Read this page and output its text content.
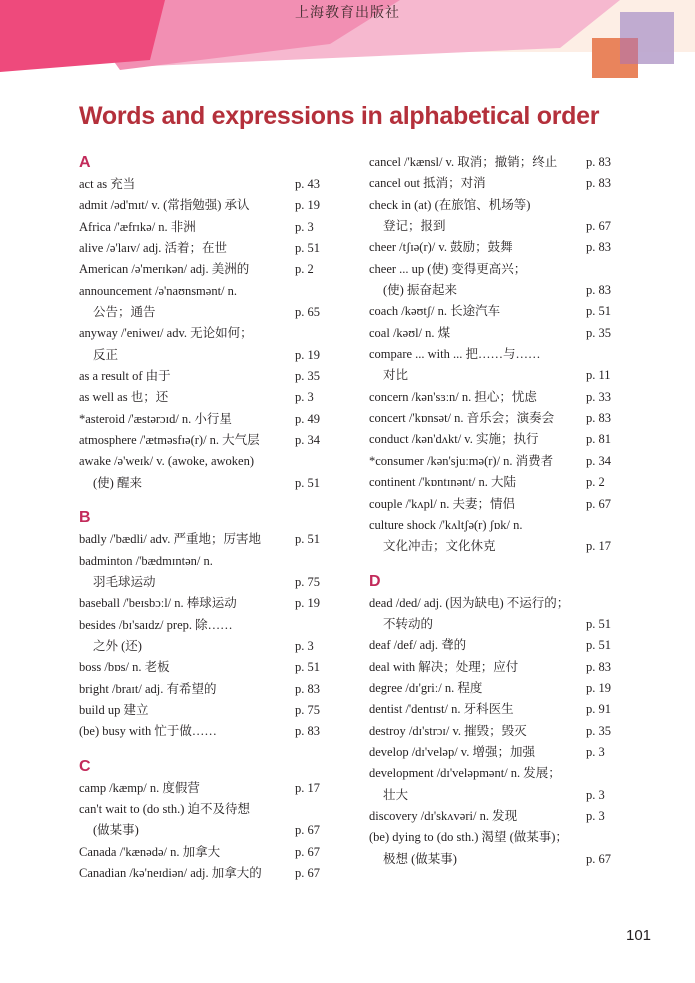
上海教育出版社
Words and expressions in alphabetical order
A
act as 充当	p. 43
admit /əd'mɪt/ v. (常指勉强) 承认	p. 19
Africa /'æfrɪkə/ n. 非洲	p. 3
alive /ə'laɪv/ adj. 活着；在世	p. 51
American /ə'merɪkən/ adj. 美洲的	p. 2
announcement /ə'naʊnsmənt/ n.
公告；通告	p. 65
anyway /'eniweɪ/ adv. 无论如何；
反正	p. 19
as a result of 由于	p. 35
as well as 也；还	p. 3
*asteroid /'æstərɔɪd/ n. 小行星	p. 49
atmosphere /'ætməsfɪə(r)/ n. 大气层	p. 34
awake /ə'weɪk/ v. (awoke, awoken)
(使) 醒来	p. 51
B
badly /'bædli/ adv. 严重地；厉害地	p. 51
badminton /'bædmɪntən/ n.
羽毛球运动	p. 75
baseball /'beɪsbɔːl/ n. 棒球运动	p. 19
besides /bɪ'saɪdz/ prep. 除……
之外 (还)	p. 3
boss /bɒs/ n. 老板	p. 51
bright /braɪt/ adj. 有希望的	p. 83
build up 建立	p. 75
(be) busy with 忙于做……	p. 83
C
camp /kæmp/ n. 度假营	p. 17
can't wait to (do sth.) 迫不及待想
(做某事)	p. 67
Canada /'kænədə/ n. 加拿大	p. 67
Canadian /kə'neɪdiən/ adj. 加拿大的	p. 67
cancel /'kænsl/ v. 取消；撤销；终止 p. 83
cancel out 抵消；对消	p. 83
check in (at) (在旅馆、机场等)
登记；报到	p. 67
cheer /tʃɪə(r)/ v. 鼓励；鼓舞	p. 83
cheer ... up (使) 变得更高兴；
(使) 振奋起来	p. 83
coach /kəʊtʃ/ n. 长途汽车	p. 51
coal /kəʊl/ n. 煤	p. 35
compare ... with ... 把……与……
对比	p. 11
concern /kən'sɜːn/ n. 担心；忧虑	p. 33
concert /'kɒnsət/ n. 音乐会；演奏会	p. 83
conduct /kən'dʌkt/ v. 实施；执行	p. 81
*consumer /kən'sjuːmə(r)/ n. 消费者	p. 34
continent /'kɒntɪnənt/ n. 大陆	p. 2
couple /'kʌpl/ n. 夫妻；情侣	p. 67
culture shock /'kʌltʃə(r) ʃɒk/ n.
文化冲击；文化休克	p. 17
D
dead /ded/ adj. (因为缺电) 不运行的；
不转动的	p. 51
deaf /def/ adj. 聋的	p. 51
deal with 解决；处理；应付	p. 83
degree /dɪ'griː/ n. 程度	p. 19
dentist /'dentɪst/ n. 牙科医生	p. 91
destroy /dɪ'strɔɪ/ v. 摧毁；毁灭	p. 35
develop /dɪ'veləp/ v. 增强；加强	p. 3
development /dɪ'veləpmənt/ n. 发展；
壮大	p. 3
discovery /dɪ'skʌvəri/ n. 发现	p. 3
(be) dying to (do sth.) 渴望 (做某事)；
极想 (做某事)	p. 67
101
